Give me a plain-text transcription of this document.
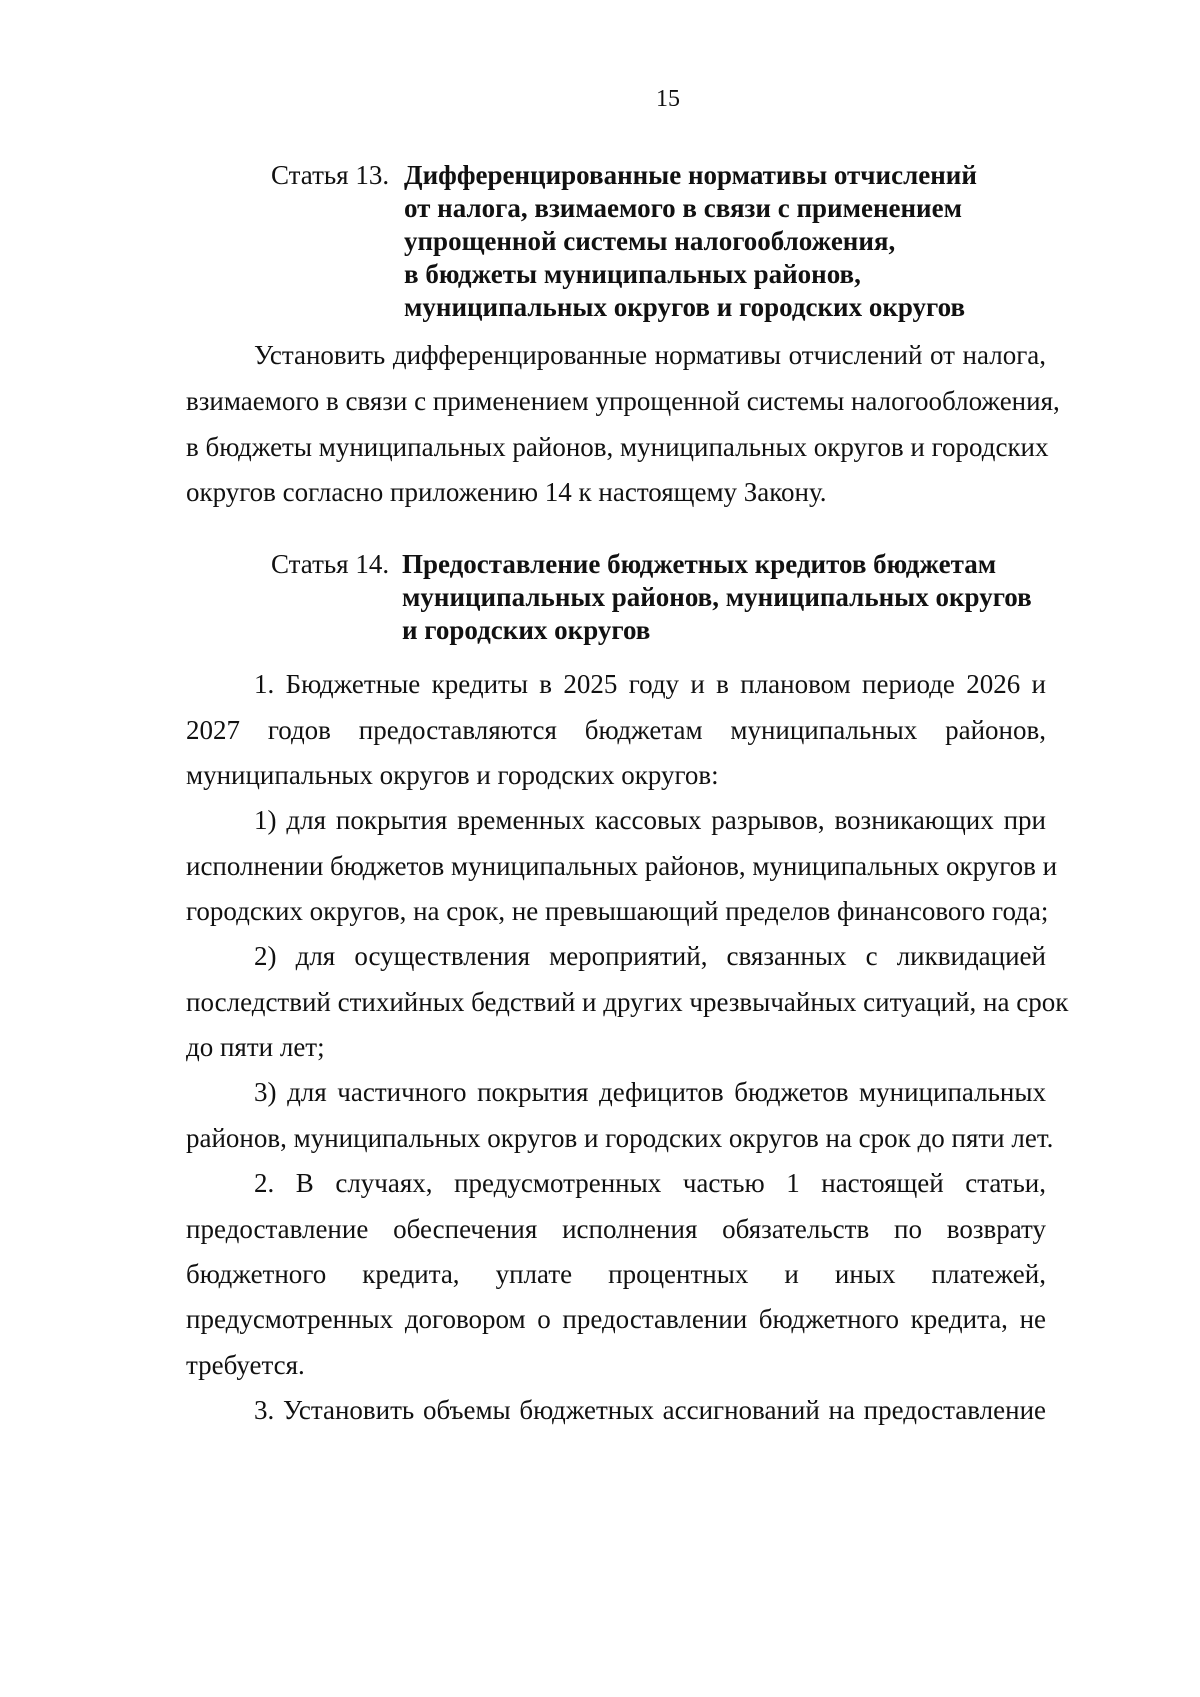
15
Статья 13. Дифференцированные нормативы отчислений
от налога, взимаемого в связи с применением
упрощенной системы налогообложения,
в бюджеты муниципальных районов,
муниципальных округов и городских округов
Установить дифференцированные нормативы отчислений от налога,
взимаемого в связи с применением упрощенной системы налогообложения,
в бюджеты муниципальных районов, муниципальных округов и городских
округов согласно приложению 14 к настоящему Закону.
Статья 14. Предоставление бюджетных кредитов бюджетам
муниципальных районов, муниципальных округов
и городских округов
1. Бюджетные кредиты в 2025 году и в плановом периоде 2026 и
2027 годов предоставляются бюджетам муниципальных районов,
муниципальных округов и городских округов:
1) для покрытия временных кассовых разрывов, возникающих при
исполнении бюджетов муниципальных районов, муниципальных округов и
городских округов, на срок, не превышающий пределов финансового года;
2) для осуществления мероприятий, связанных с ликвидацией
последствий стихийных бедствий и других чрезвычайных ситуаций, на срок
до пяти лет;
3) для частичного покрытия дефицитов бюджетов муниципальных
районов, муниципальных округов и городских округов на срок до пяти лет.
2. В случаях, предусмотренных частью 1 настоящей статьи,
предоставление обеспечения исполнения обязательств по возврату
бюджетного кредита, уплате процентных и иных платежей,
предусмотренных договором о предоставлении бюджетного кредита, не
требуется.
3. Установить объемы бюджетных ассигнований на предоставление
